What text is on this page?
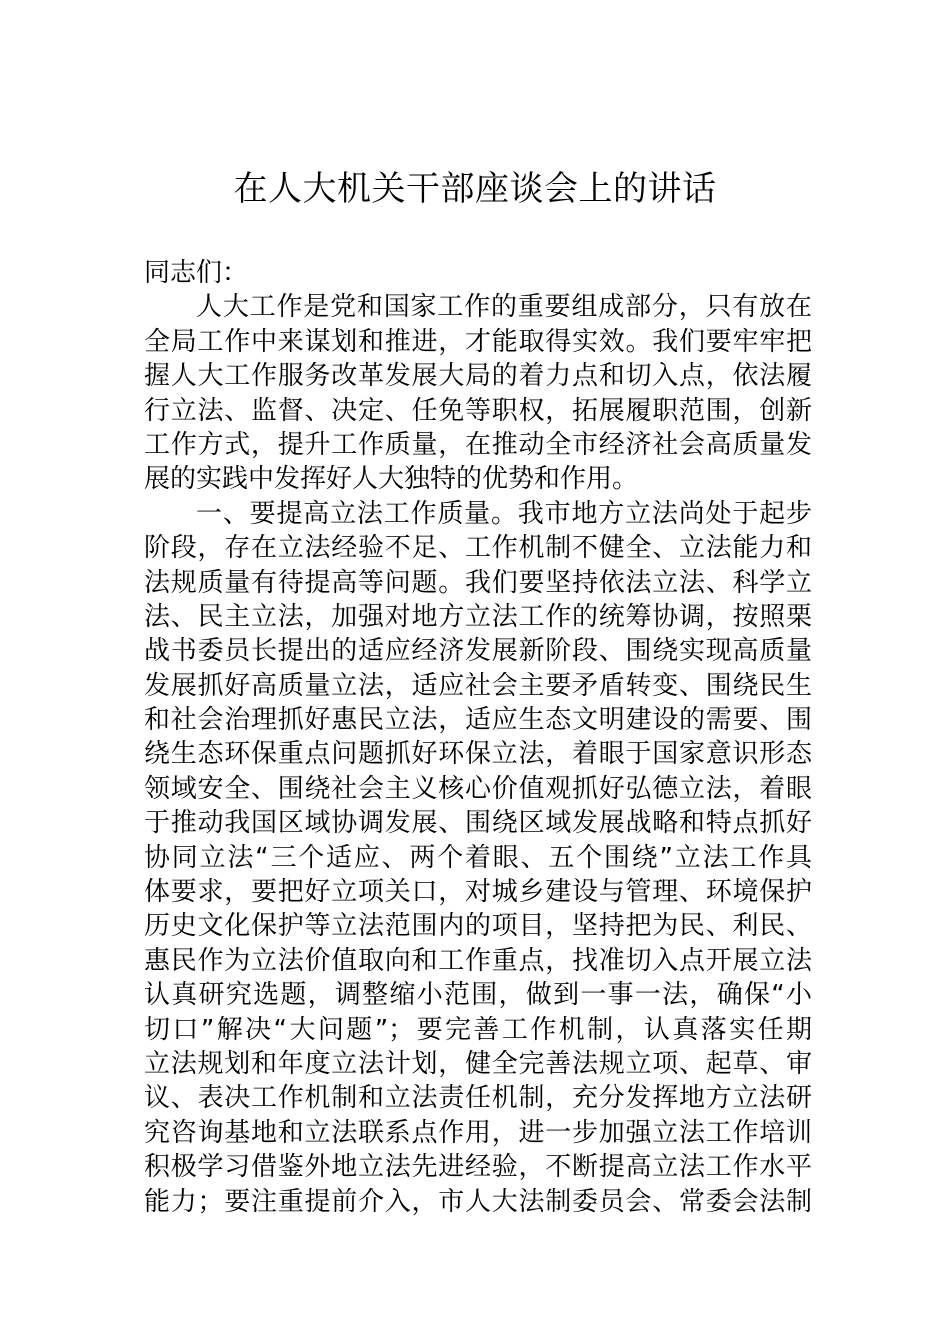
在人大机关干部座谈会上的讲话
同志们：
人大工作是党和国家工作的重要组成部分，只有放在
全局工作中来谋划和推进，才能取得实效。我们要牢牢把
握人大工作服务改革发展大局的着力点和切入点，依法履
行立法、监督、决定、任免等职权，拓展履职范围，创新
工作方式，提升工作质量，在推动全市经济社会高质量发
展的实践中发挥好人大独特的优势和作用。
一、要提高立法工作质量。我市地方立法尚处于起步
阶段，存在立法经验不足、工作机制不健全、立法能力和
法规质量有待提高等问题。我们要坚持依法立法、科学立
法、民主立法，加强对地方立法工作的统筹协调，按照栗
战书委员长提出的适应经济发展新阶段、围绕实现高质量
发展抓好高质量立法，适应社会主要矛盾转变、围绕民生
和社会治理抓好惠民立法，适应生态文明建设的需要、围
绕生态环保重点问题抓好环保立法，着眼于国家意识形态
领域安全、围绕社会主义核心价值观抓好弘德立法，着眼
于推动我国区域协调发展、围绕区域发展战略和特点抓好
协同立法“三个适应、两个着眼、五个围绕”立法工作具
体要求，要把好立项关口，对城乡建设与管理、环境保护
历史文化保护等立法范围内的项目，坚持把为民、利民、
惠民作为立法价值取向和工作重点，找准切入点开展立法
认真研究选题，调整缩小范围，做到一事一法，确保“小
切口”解决“大问题”；要完善工作机制，认真落实任期
立法规划和年度立法计划，健全完善法规立项、起草、审
议、表决工作机制和立法责任机制，充分发挥地方立法研
究咨询基地和立法联系点作用，进一步加强立法工作培训
积极学习借鉴外地立法先进经验，不断提高立法工作水平
能力；要注重提前介入，市人大法制委员会、常委会法制
